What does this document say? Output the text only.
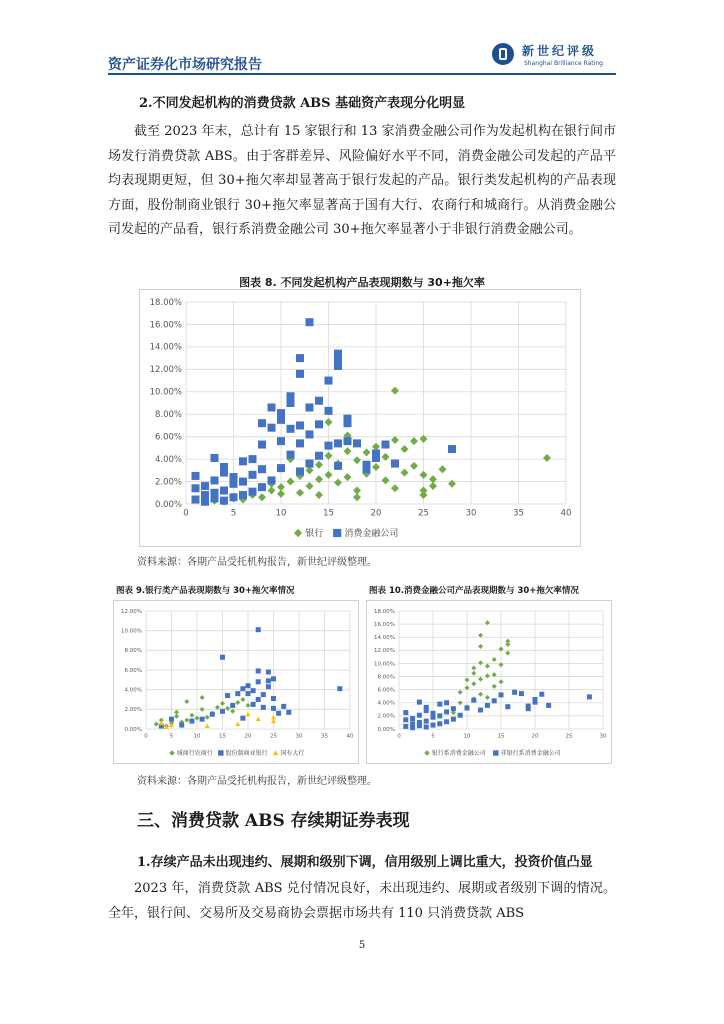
资产证券化市场研究报告
新世纪评级
Shanghai Brilliance Rating
2.不同发起机构的消费贷款 ABS 基础资产表现分化明显
截至 2023 年末，总计有 15 家银行和 13 家消费金融公司作为发起机构在银行间市场发行消费贷款 ABS。由于客群差异、风险偏好水平不同，消费金融公司发起的产品平均表现期更短，但 30+拖欠率却显著高于银行发起的产品。银行类发起机构的产品表现方面，股份制商业银行 30+拖欠率显著高于国有大行、农商行和城商行。从消费金融公司发起的产品看，银行系消费金融公司 30+拖欠率显著小于非银行消费金融公司。
图表 8. 不同发起机构产品表现期数与 30+拖欠率
0.00%
2.00%
4.00%
6.00%
8.00%
10.00%
12.00%
14.00%
16.00%
18.00%
0	5	10	15	20	25	30	35	40
银行 消费金融公司
资料来源：各期产品受托机构报告，新世纪评级整理。
图表 9.银行类产品表现期数与 30+拖欠率情况	图表 10.消费金融公司产品表现期数与 30+拖欠率情况
0.00%
2.00%
4.00%
6.00%
8.00%
10.00%
12.00%
0	5	10	15	20	25	30	35	40
城商行农商行 股份制商业银行 国有大行
0.00%
2.00%
4.00%
6.00%
8.00%
10.00%
12.00%
14.00%
16.00%
18.00%
0	5	10	15	20	25	30
银行系消费金融公司 非银行系消费金融公司
资料来源：各期产品受托机构报告，新世纪评级整理。
三、消费贷款 ABS 存续期证券表现
1.存续产品未出现违约、展期和级别下调，信用级别上调比重大，投资价值凸显
2023 年，消费贷款 ABS 兑付情况良好，未出现违约、展期或者级别下调的情况。全年，银行间、交易所及交易商协会票据市场共有 110 只消费贷款 ABS
5
